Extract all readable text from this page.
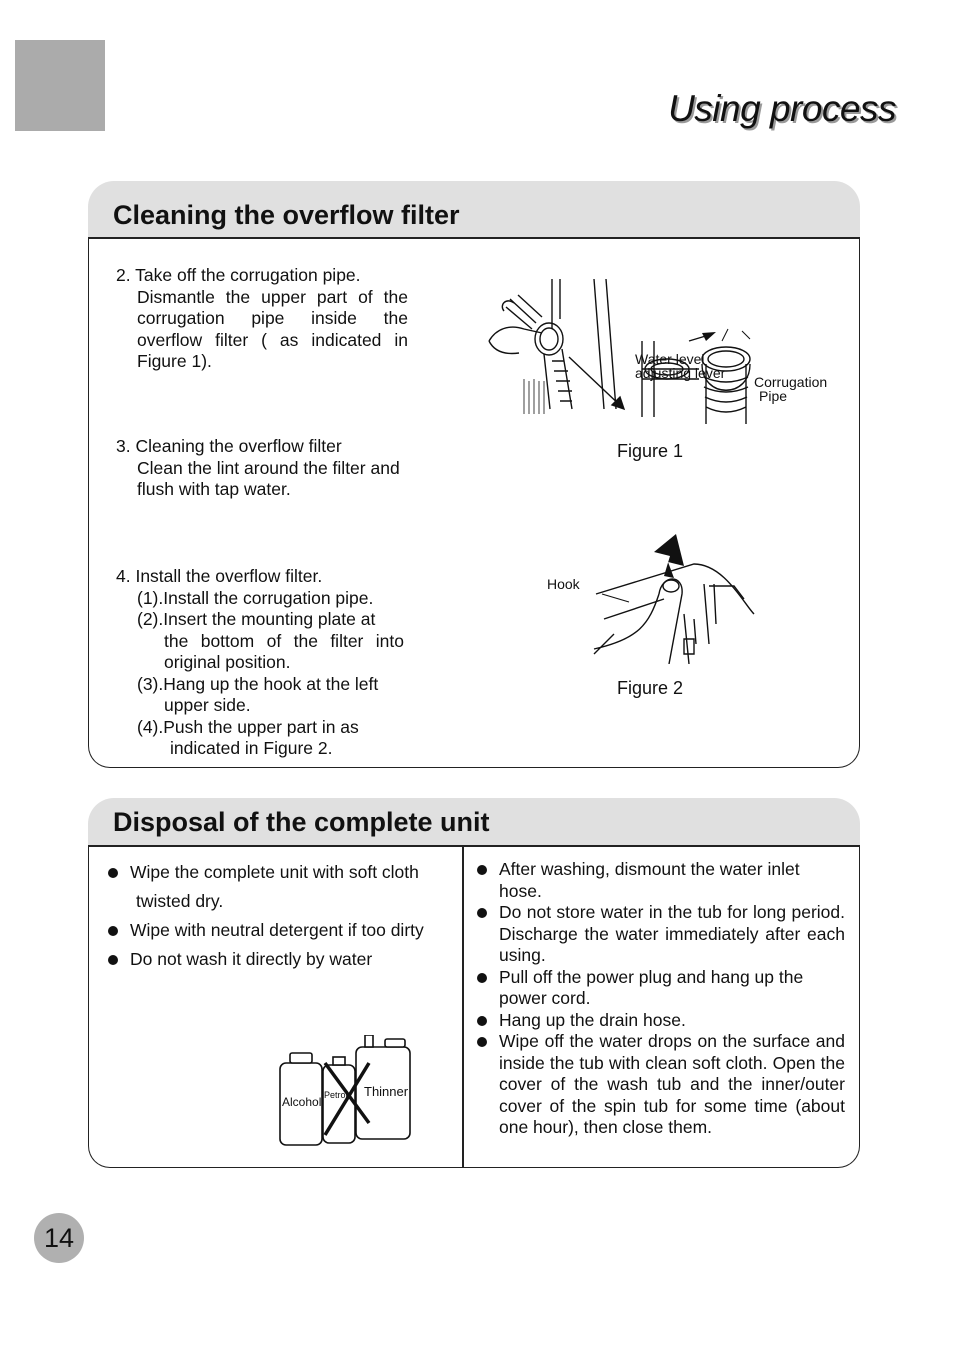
Using process
Cleaning the overflow filter

2. Take off the corrugation pipe.

Dismantle the upper part of the corrugation pipe inside the overflow filter ( as indicated in Figure 1).

3. Cleaning the overflow filter

Clean the lint around the filter and flush with tap water.

4. Install the overflow filter.

(1).Install the corrugation pipe.

(2).Insert the mounting plate at

the bottom of the filter into original position.

(3).Hang up the hook at the left

upper side.

(4).Push the upper part in as

indicated in Figure 2.

Water level
adjusting lever
Corrugation
Pipe
Figure 1
Hook
Figure 2
Disposal of the complete unit
Wipe the complete unit with soft cloth
twisted dry.
Wipe with neutral detergent if too dirty
Do not wash it directly by water
Alcohol Petrol Thinner
After washing, dismount the water inlet hose.
Do not store water in the tub for long period. Discharge the water immediately after each using.
Pull off the power plug and hang up the power cord.
Hang up the drain hose.
Wipe off the water drops on the surface and inside the tub with clean soft cloth. Open the cover of the wash tub and the inner/outer cover of the spin tub for some time (about one hour), then close them.
14
